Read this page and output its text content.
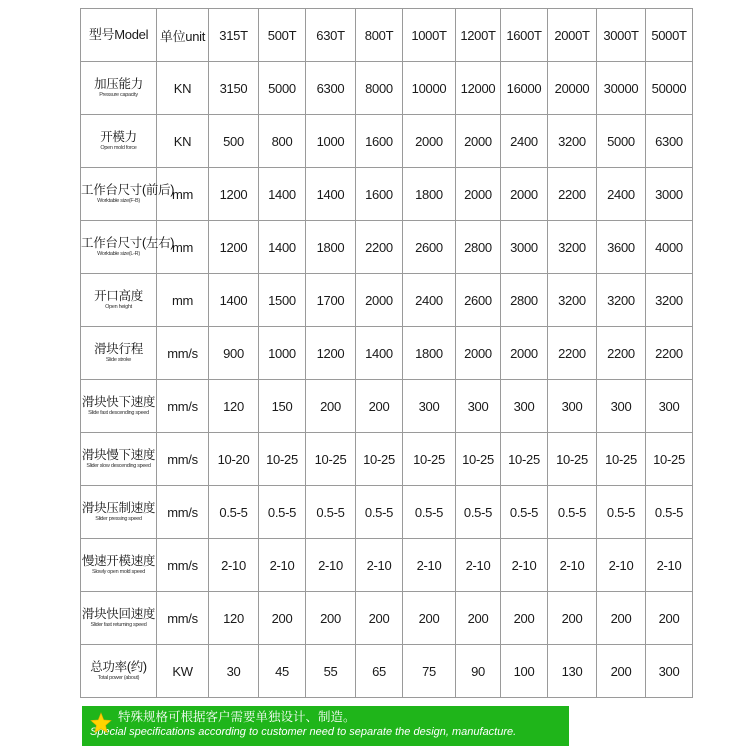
型号Model	单位unit	315T	500T	630T	800T	1000T	1200T	1600T	2000T	3000T	5000T

加压能力
Pressure capacity	KN	3150	5000	6300	8000	10000	12000	16000	20000	30000	50000

开模力
Open mold force	KN	500	800	1000	1600	2000	2000	2400	3200	5000	6300

工作台尺寸(前后)
Worktable size(F-B)	mm	1200	1400	1400	1600	1800	2000	2000	2200	2400	3000

工作台尺寸(左右)
Worktable size(L-R)	mm	1200	1400	1800	2200	2600	2800	3000	3200	3600	4000

开口高度
Open height	mm	1400	1500	1700	2000	2400	2600	2800	3200	3200	3200

滑块行程
Slide stroke	mm/s	900	1000	1200	1400	1800	2000	2000	2200	2200	2200

滑块快下速度
Slide fast descending speed	mm/s	120	150	200	200	300	300	300	300	300	300

滑块慢下速度
Slider slow descending speed	mm/s	10-20	10-25	10-25	10-25	10-25	10-25	10-25	10-25	10-25	10-25

滑块压制速度
Slider pressing speed	mm/s	0.5-5	0.5-5	0.5-5	0.5-5	0.5-5	0.5-5	0.5-5	0.5-5	0.5-5	0.5-5

慢速开模速度
Slowly open mold speed	mm/s	2-10	2-10	2-10	2-10	2-10	2-10	2-10	2-10	2-10	2-10

滑块快回速度
Slider fast returning speed	mm/s	120	200	200	200	200	200	200	200	200	200

总功率(约)
Total power (about)	KW	30	45	55	65	75	90	100	130	200	300
特殊规格可根据客户需要单独设计、制造。
Special specifications according to customer need to separate the design, manufacture.
